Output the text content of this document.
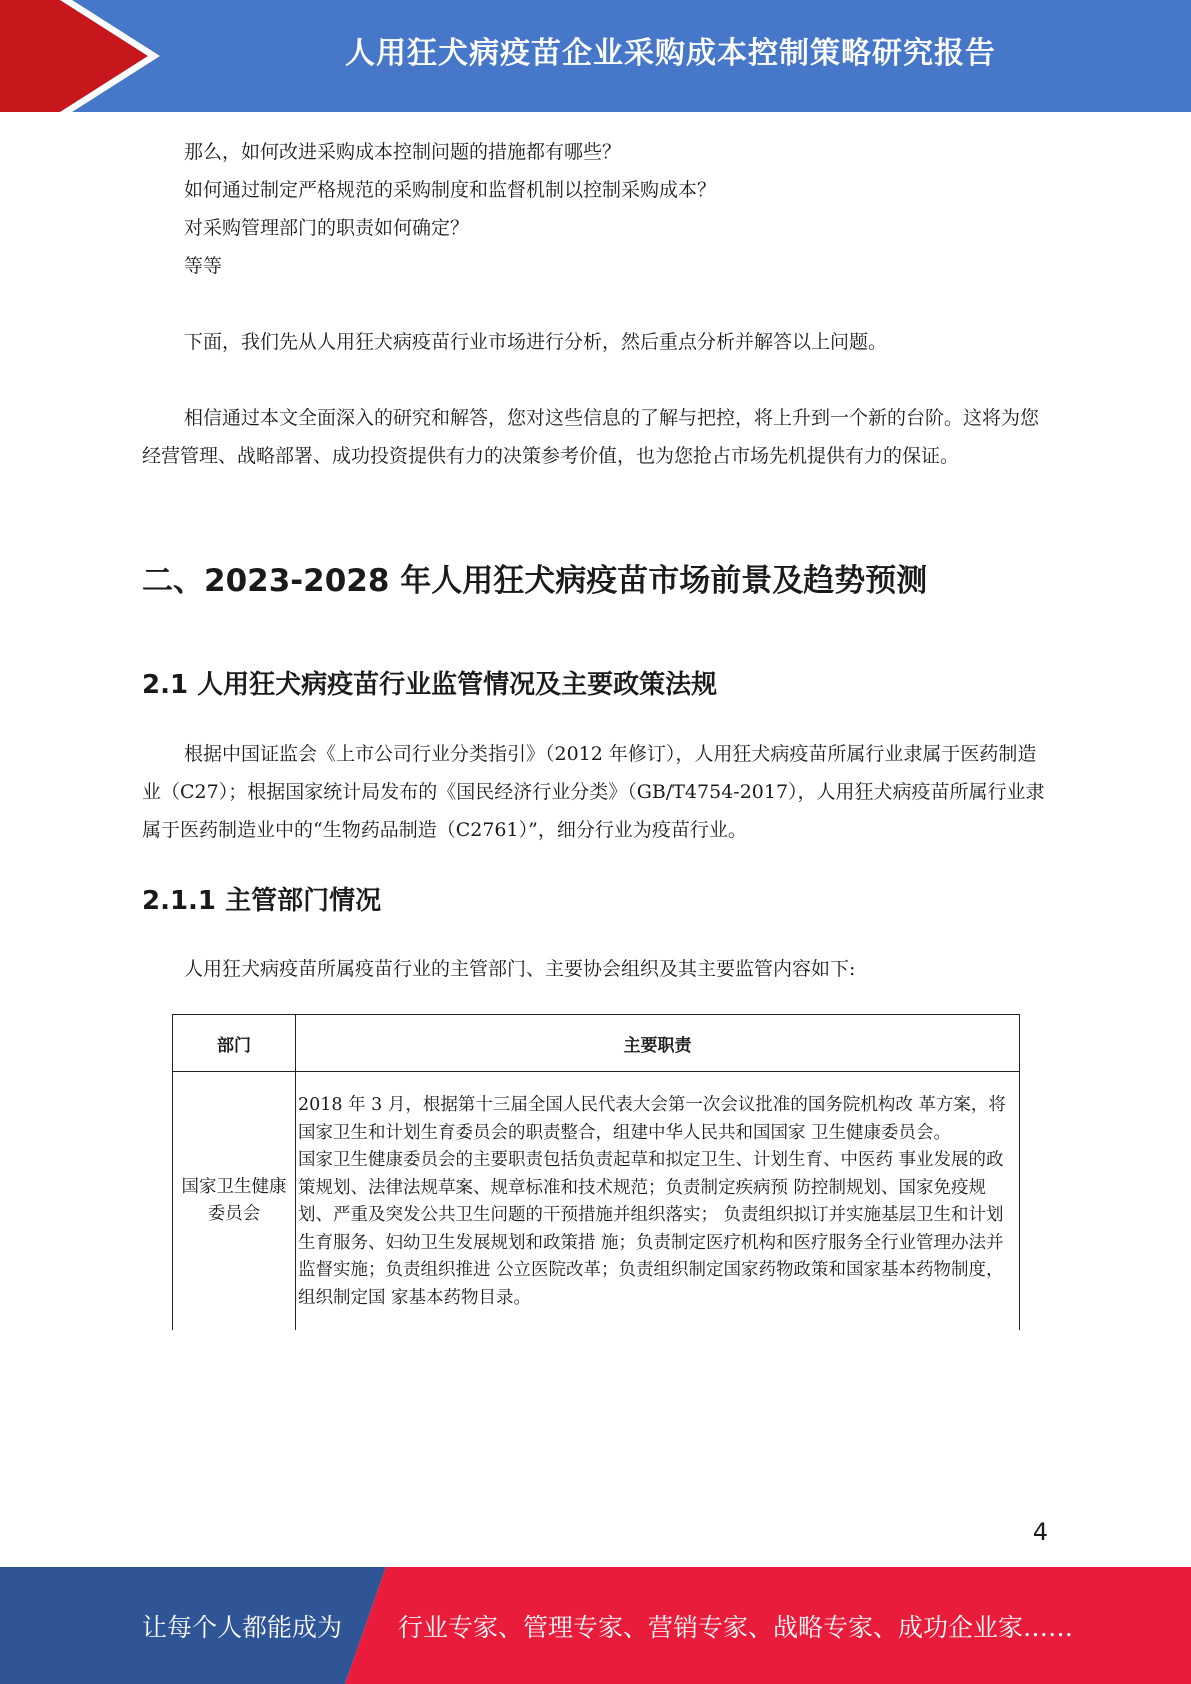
人用狂犬病疫苗企业采购成本控制策略研究报告
那么，如何改进采购成本控制问题的措施都有哪些？
如何通过制定严格规范的采购制度和监督机制以控制采购成本？
对采购管理部门的职责如何确定？
等等

下面，我们先从人用狂犬病疫苗行业市场进行分析，然后重点分析并解答以上问题。

相信通过本文全面深入的研究和解答，您对这些信息的了解与把控，将上升到一个新的台阶。这将为您经营管理、战略部署、成功投资提供有力的决策参考价值，也为您抢占市场先机提供有力的保证。

二、2023-2028 年人用狂犬病疫苗市场前景及趋势预测
2.1 人用狂犬病疫苗行业监管情况及主要政策法规

根据中国证监会《上市公司行业分类指引》（2012 年修订），人用狂犬病疫苗所属行业隶属于医药制造业（C27）；根据国家统计局发布的《国民经济行业分类》（GB/T4754-2017），人用狂犬病疫苗所属行业隶属于医药制造业中的“生物药品制造（C2761）”，细分行业为疫苗行业。

2.1.1 主管部门情况

人用狂犬病疫苗所属疫苗行业的主管部门、主要协会组织及其主要监管内容如下:

部门	主要职责
国家卫生健康委员会	2018 年 3 月，根据第十三届全国人民代表大会第一次会议批准的国务院机构改 革方案，将国家卫生和计划生育委员会的职责整合，组建中华人民共和国国家 卫生健康委员会。

国家卫生健康委员会的主要职责包括负责起草和拟定卫生、计划生育、中医药 事业发展的政策规划、法律法规草案、规章标准和技术规范；负责制定疾病预 防控制规划、国家免疫规划、严重及突发公共卫生问题的干预措施并组织落实； 负责组织拟订并实施基层卫生和计划生育服务、妇幼卫生发展规划和政策措 施；负责制定医疗机构和医疗服务全行业管理办法并监督实施；负责组织推进 公立医院改革；负责组织制定国家药物政策和国家基本药物制度，组织制定国 家基本药物目录。

4
让每个人都能成为 行业专家、管理专家、营销专家、战略专家、成功企业家……
